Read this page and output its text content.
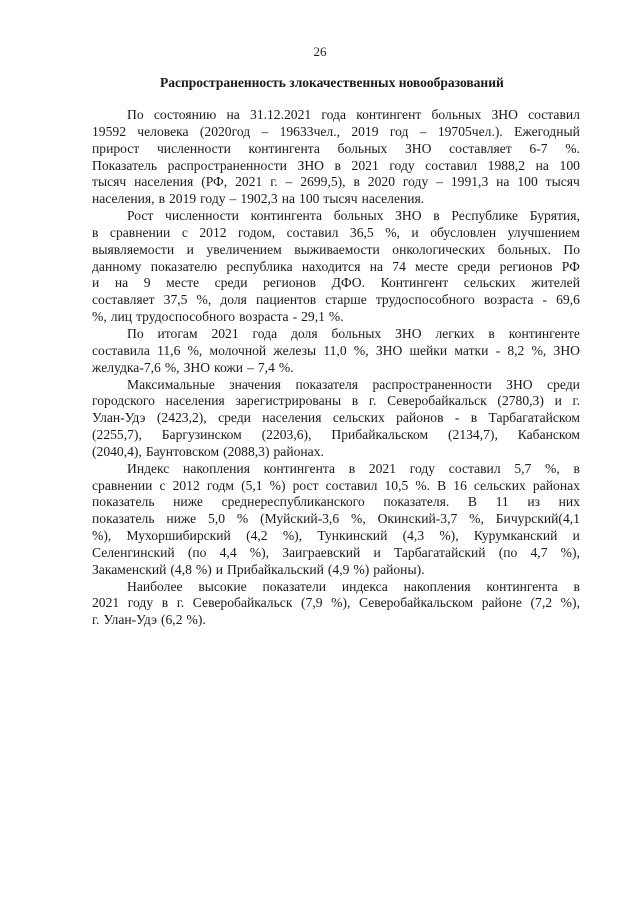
26
Распространенность злокачественных новообразований
По состоянию на 31.12.2021 года контингент больных ЗНО составил
19592 человека (2020год – 19633чел., 2019 год – 19705чел.). Ежегодный
прирост численности контингента больных ЗНО составляет 6-7 %.
Показатель распространенности ЗНО в 2021 году составил 1988,2 на 100
тысяч населения (РФ, 2021 г. – 2699,5), в 2020 году – 1991,3 на 100 тысяч
населения, в 2019 году – 1902,3 на 100 тысяч населения.
Рост численности контингента больных ЗНО в Республике Бурятия,
в сравнении с 2012 годом, составил 36,5 %, и обусловлен улучшением
выявляемости и увеличением выживаемости онкологических больных. По
данному показателю республика находится на 74 месте среди регионов РФ
и на 9 месте среди регионов ДФО. Контингент сельских жителей
составляет 37,5 %, доля пациентов старше трудоспособного возраста - 69,6
%, лиц трудоспособного возраста - 29,1 %.
По итогам 2021 года доля больных ЗНО легких в контингенте
составила 11,6 %, молочной железы 11,0 %, ЗНО шейки матки - 8,2 %, ЗНО
желудка-7,6 %, ЗНО кожи – 7,4 %.
Максимальные значения показателя распространенности ЗНО среди
городского населения зарегистрированы в г. Северобайкальск (2780,3) и г.
Улан-Удэ (2423,2), среди населения сельских районов - в Тарбагатайском
(2255,7), Баргузинском (2203,6), Прибайкальском (2134,7), Кабанском
(2040,4), Баунтовском (2088,3) районах.
Индекс накопления контингента в 2021 году составил 5,7 %, в
сравнении с 2012 годм (5,1 %) рост составил 10,5 %. В 16 сельских районах
показатель ниже среднереспубликанского показателя. В 11 из них
показатель ниже 5,0 % (Муйский-3,6 %, Окинский-3,7 %, Бичурский(4,1
%), Мухоршибирский (4,2 %), Тункинский (4,3 %), Курумканский и
Селенгинский (по 4,4 %), Заиграевский и Тарбагатайский (по 4,7 %),
Закаменский (4,8 %) и Прибайкальский (4,9 %) районы).
Наиболее высокие показатели индекса накопления контингента в
2021 году в г. Северобайкальск (7,9 %), Северобайкальском районе (7,2 %),
г. Улан-Удэ (6,2 %).
